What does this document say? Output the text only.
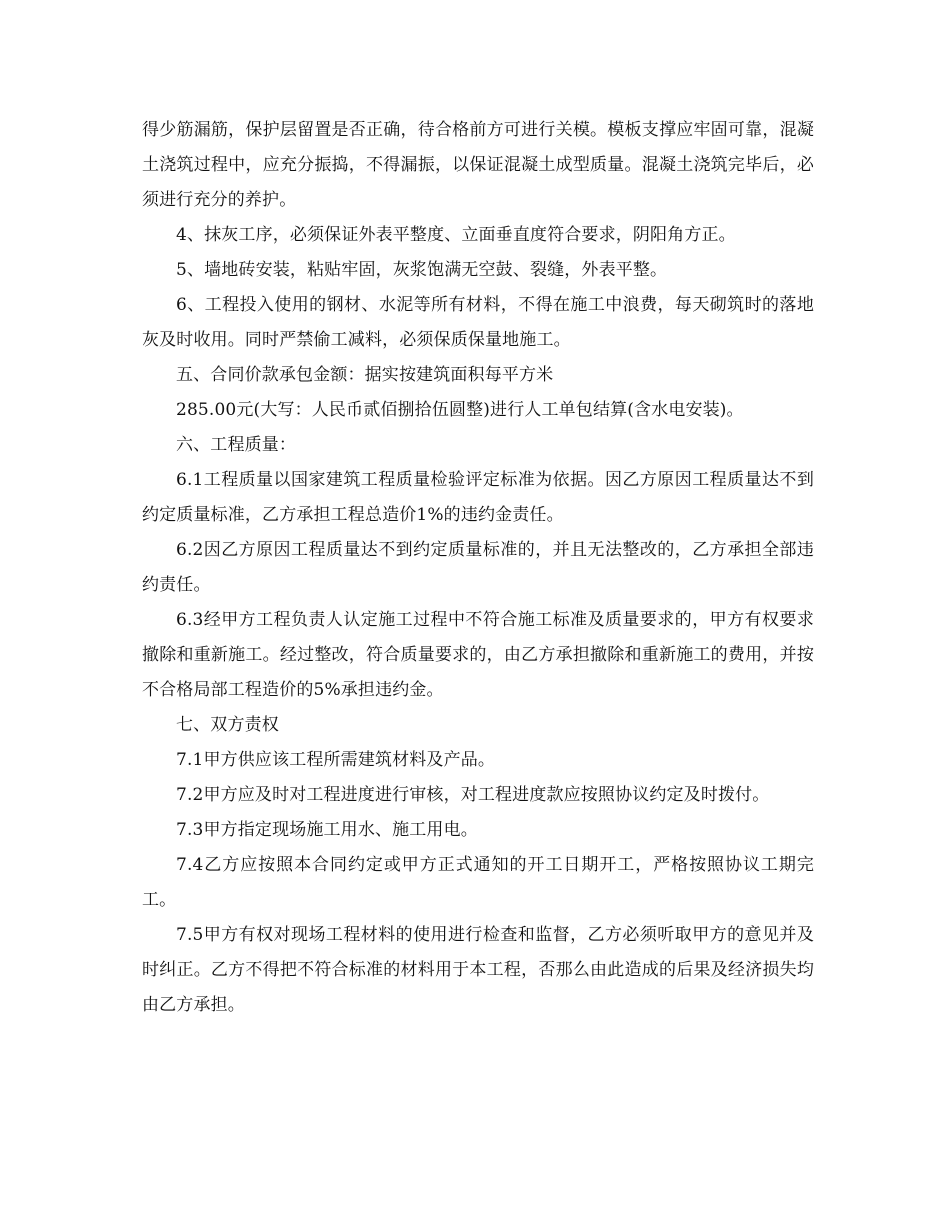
得少筋漏筋，保护层留置是否正确，待合格前方可进行关模。模板支撑应牢固可靠，混凝土浇筑过程中，应充分振捣，不得漏振，以保证混凝土成型质量。混凝土浇筑完毕后，必须进行充分的养护。

4、抹灰工序，必须保证外表平整度、立面垂直度符合要求，阴阳角方正。

5、墙地砖安装，粘贴牢固，灰浆饱满无空鼓、裂缝，外表平整。

6、工程投入使用的钢材、水泥等所有材料，不得在施工中浪费，每天砌筑时的落地灰及时收用。同时严禁偷工减料，必须保质保量地施工。

五、合同价款承包金额：据实按建筑面积每平方米

285.00元(大写：人民币贰佰捌拾伍圆整)进行人工单包结算(含水电安装)。

六、工程质量：

6.1工程质量以国家建筑工程质量检验评定标准为依据。因乙方原因工程质量达不到约定质量标准，乙方承担工程总造价1%的违约金责任。

6.2因乙方原因工程质量达不到约定质量标准的，并且无法整改的，乙方承担全部违约责任。

6.3经甲方工程负责人认定施工过程中不符合施工标准及质量要求的，甲方有权要求撤除和重新施工。经过整改，符合质量要求的，由乙方承担撤除和重新施工的费用，并按不合格局部工程造价的5%承担违约金。

七、双方责权

7.1甲方供应该工程所需建筑材料及产品。

7.2甲方应及时对工程进度进行审核，对工程进度款应按照协议约定及时拨付。

7.3甲方指定现场施工用水、施工用电。

7.4乙方应按照本合同约定或甲方正式通知的开工日期开工，严格按照协议工期完工。

7.5甲方有权对现场工程材料的使用进行检查和监督，乙方必须听取甲方的意见并及时纠正。乙方不得把不符合标准的材料用于本工程，否那么由此造成的后果及经济损失均由乙方承担。
